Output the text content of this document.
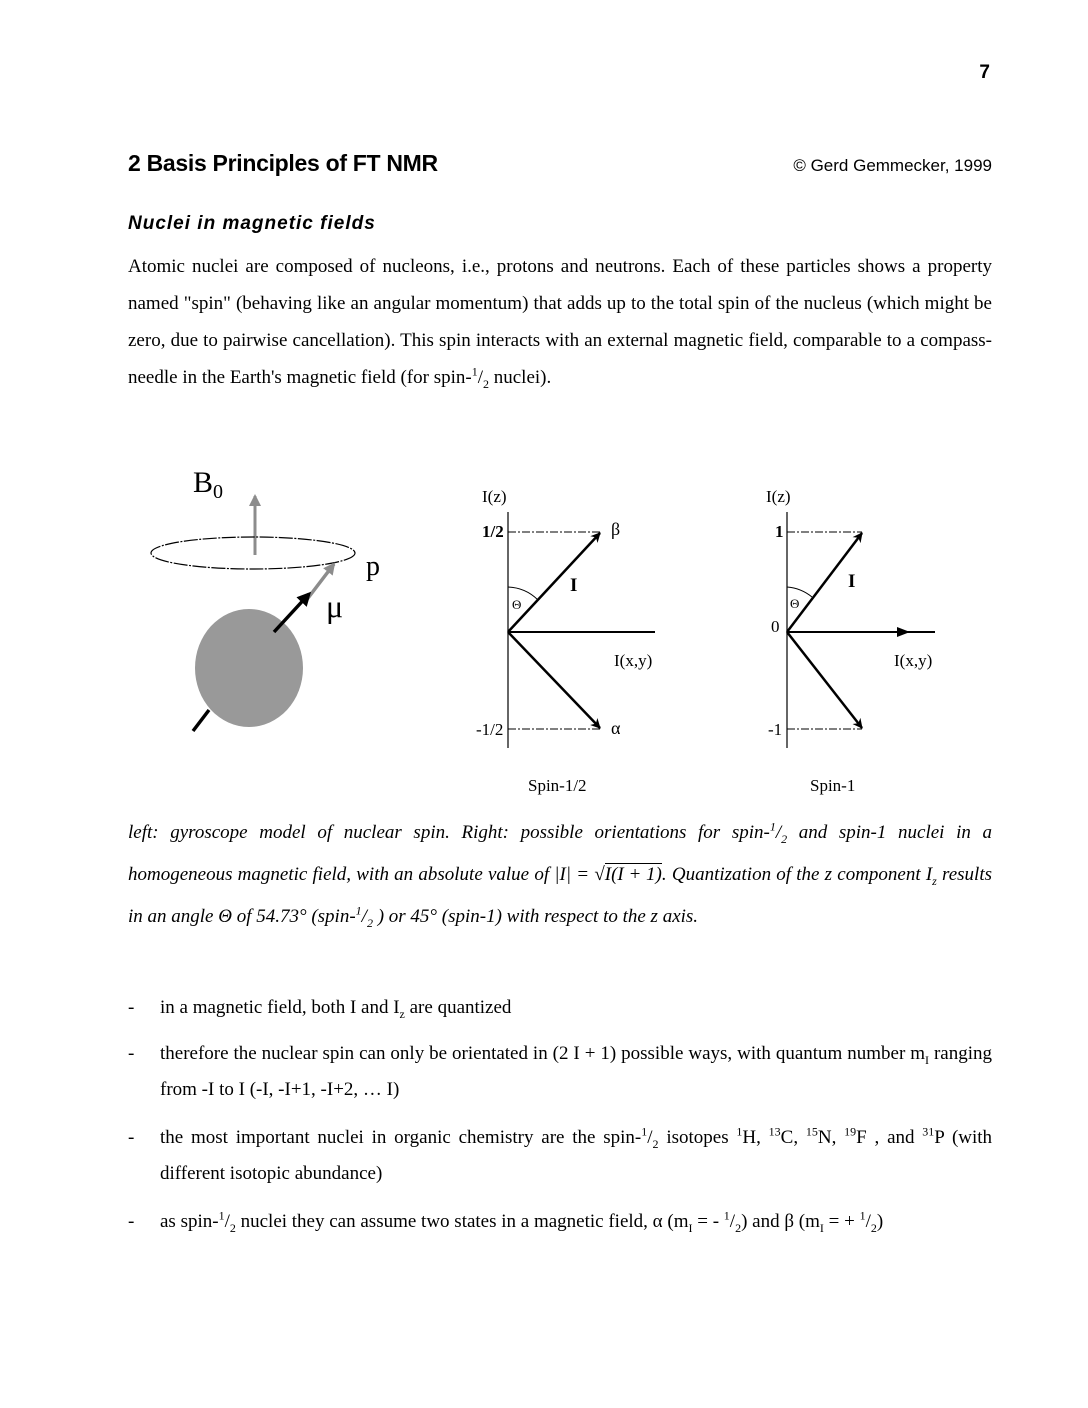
7
2 Basis Principles of FT NMR	© Gerd Gemmecker, 1999
Nuclei in magnetic fields
Atomic nuclei are composed of nucleons, i.e., protons and neutrons. Each of these particles shows a property named "spin" (behaving like an angular momentum) that adds up to the total spin of the nucleus (which might be zero, due to pairwise cancellation). This spin interacts with an external magnetic field, comparable to a compass-needle in the Earth's magnetic field (for spin-$^1/_2$ nuclei).
$B_0$
p
μ
I(z)
1/2
-1/2
Θ
I
β
α
I(x,y)
Spin-1/2
I(z)
1
0
-1
Θ
I
I(x,y)
Spin-1
left: gyroscope model of nuclear spin. Right: possible orientations for spin-$^1/_2$ and spin-1 nuclei in a homogeneous magnetic field, with an absolute value of |I| = √I(I + 1). Quantization of the z component $I_z$ results in an angle Θ of 54.73° ($spin-^1/_2$ ) or 45° (spin-1) with respect to the z axis.
- in a magnetic field, both I and $I_z$ are quantized
- therefore the nuclear spin can only be orientated in (2 I + 1) possible ways, with quantum number $m_I$ ranging from -I to I (-I, -I+1, -I+2, … I)
- the most important nuclei in organic chemistry are the spin-$^1/_2$ isotopes $^1$H, $^{13}$C, $^{15}$N, $^{19}$F , and $^{31}$P (with different isotopic abundance)
- as spin-$^1/_2$ nuclei they can assume two states in a magnetic field, α ($m_I$ = - $^1/_2$) and β ($m_I$ = + $^1/_2$)
